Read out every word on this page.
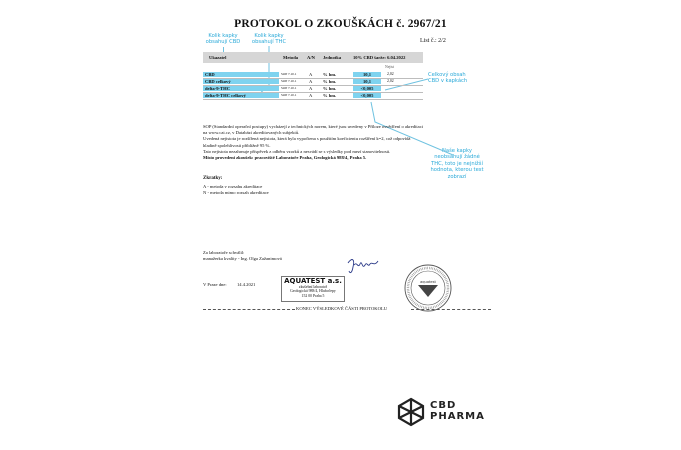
PROTOKOL O ZKOUŠKÁCH č. 2967/21
List č.: 2/2
Kolik kapky obsahují CBD
Kolik kapky obsahují THC
Celkový obsah CBD v kapkách
Naše kapky neobsahují žádné THC, toto je nejnižší hodnota, kterou test zobrazí
Ukazatel	Metoda A/N Jednotka	10% CBD šarže: 6.04.2022
Nejist
CBD	SOP 7.10.1	A % hm.	10,1	2,02
CBD celkový	SOP 7.10.1	A % hm.	10,1	2,02
delta-9-THC	SOP 7.10.1	A % hm.	<0,005
delta-9-THC celkový	SOP 7.10.1	A % hm.	<0,005

SOP (Standardní operační postupy) vycházejí z technických norem, které jsou uvedeny v Příloze osvědčení o akreditaci

na www.cai.cz, v Databázi akreditovaných subjektů.

Uvedená nejistota je rozšířená nejistota, která byla vypočtena s použitím koeficientu rozšíření k=2, což odpovídá

hladině spolehlivosti přibližně 95 %.

Tato nejistota nezahrnuje příspěvek z odběru vzorků a nesvádí se s výsledky pod mezí stanovitelnosti.

Místo provedení zkoušek: pracoviště Laboratoře Praha, Geologická 988/4, Praha 5.

Zkratky:
A - metoda v rozsahu akreditace
N - metoda mimo rozsah akreditace
Za laboratoře schválil:
manažerka kvality - Ing. Olga Zažanimová
V Praze dne:         14.4.2021	AQUATEST a.s.
zkušební laboratoř
Geologická 988/4, Hlubočepy
152 00 Praha 5
aquatest
KONEC VÝSLEDKOVÉ ČÁSTI PROTOKOLU
CBD
PHARMA
